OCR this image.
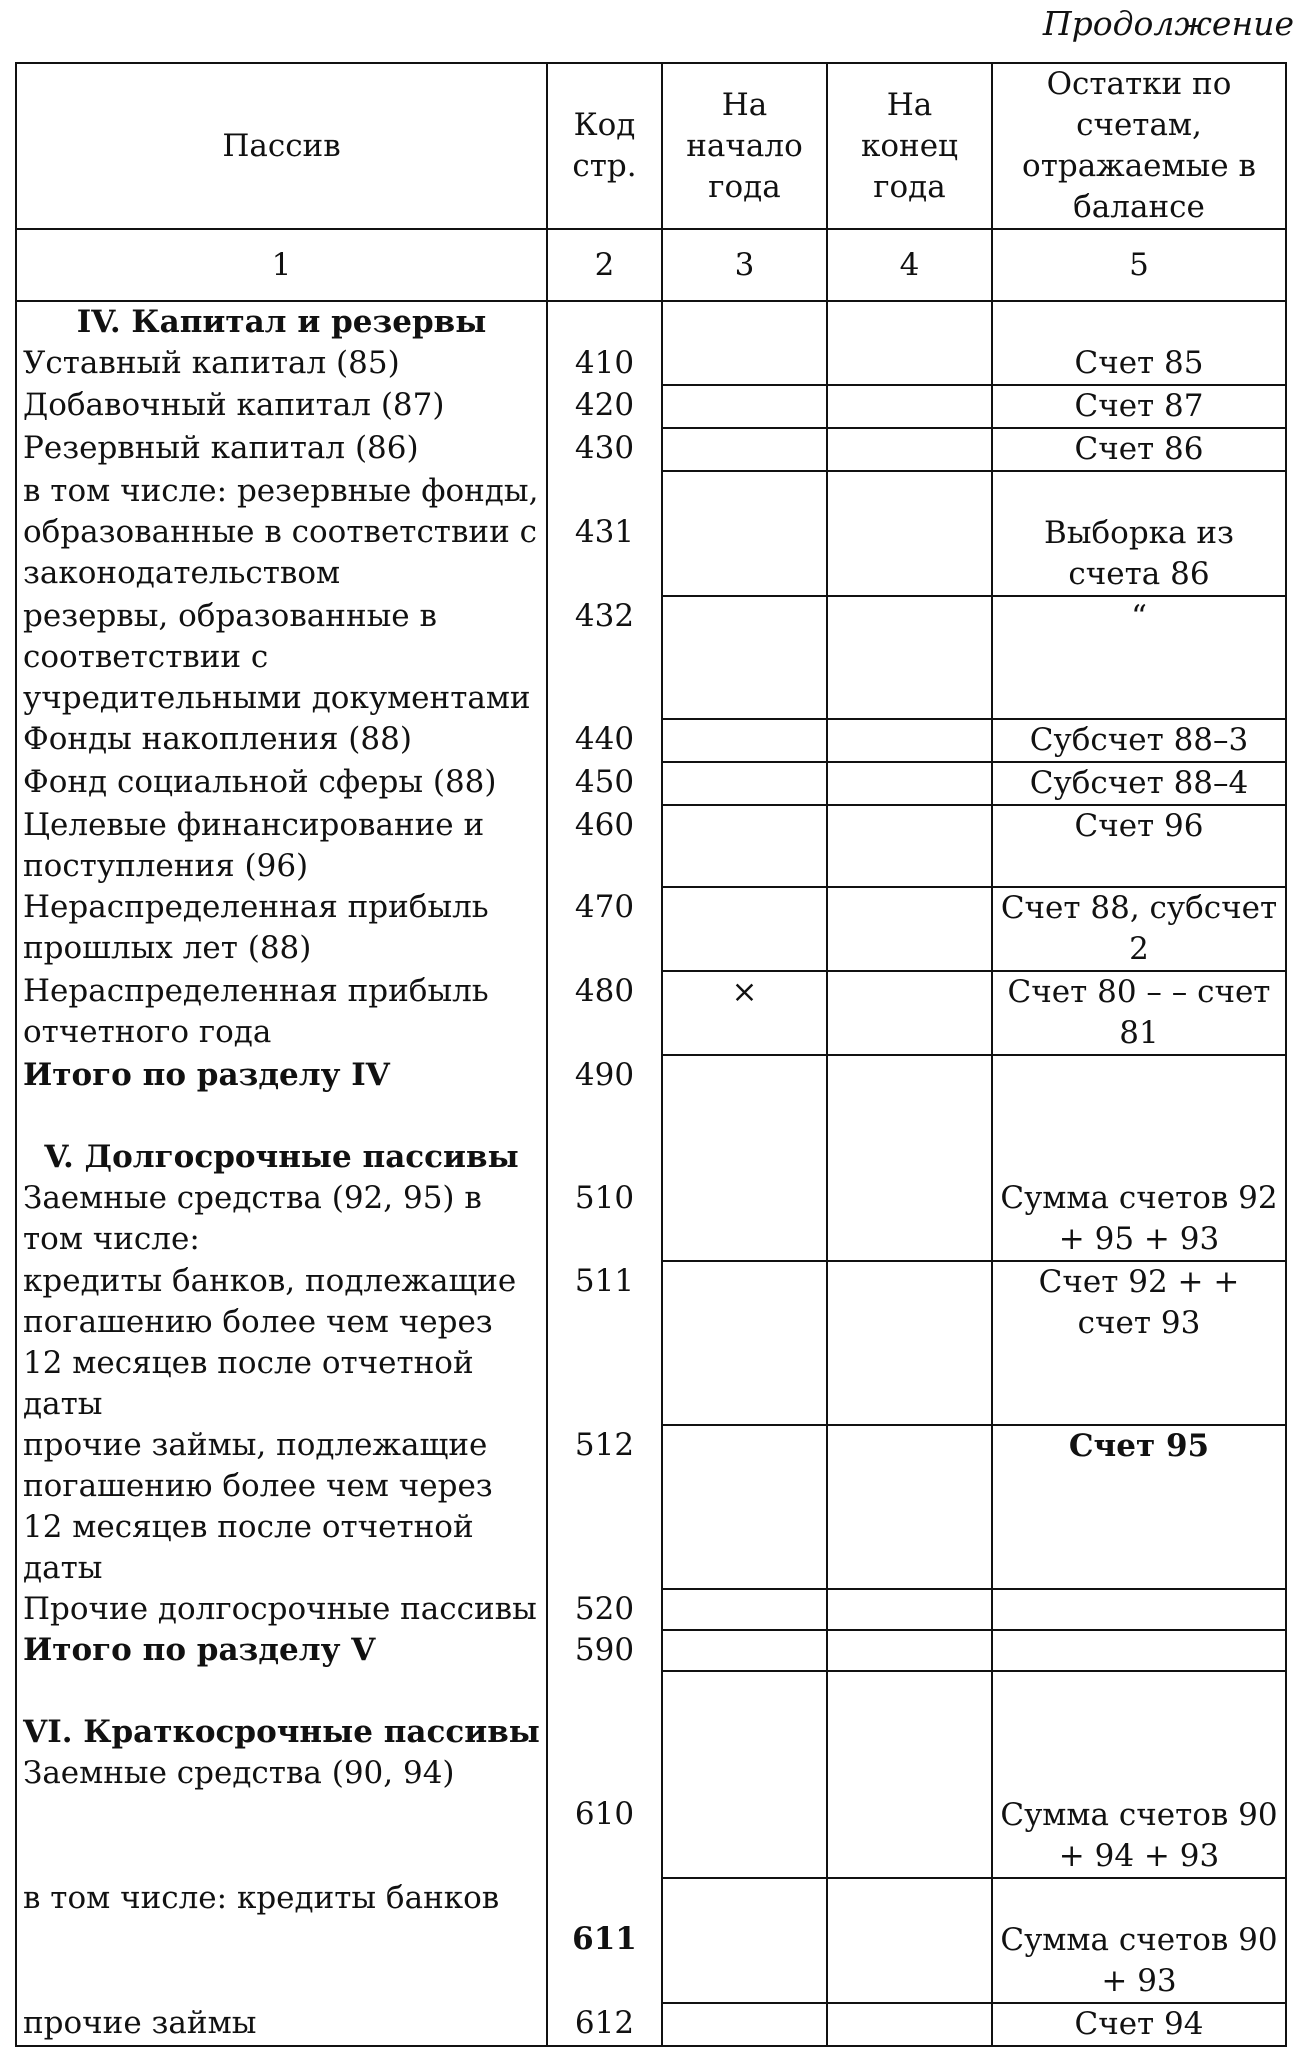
Продолжение
Пассив	Код стр.	На начало года	На конец года	Остатки по счетам, отражаемые в балансе
1	2	3	4	5

IV. Капитал и резервы
Уставный капитал (85)	410			Счет 85
Добавочный капитал (87)	420			Счет 87
Резервный капитал (86)	430			Счет 86
в том числе: резервные фонды, образованные в соответствии с законодательством	431			Выборка из счета 86
резервы, образованные в соответствии с учредительными документами	432			“
Фонды накопления (88)	440			Субсчет 88–3
Фонд социальной сферы (88)	450			Субсчет 88–4
Целевые финансирование и поступления (96)	460			Счет 96
Нераспределенная прибыль прошлых лет (88)	470			Счет 88, субсчет 2
Нераспределенная прибыль отчетного года	480	×		Счет 80 – – счет 81
Итого по разделу IV	490			

V. Долгосрочные пассивы
Заемные средства (92, 95) в том числе:	510			Сумма счетов 92 + 95 + 93
кредиты банков, подлежащие погашению более чем через 12 месяцев после отчетной даты	511			Счет 92 + + счет 93
прочие займы, подлежащие погашению более чем через 12 месяцев после отчетной даты	512			Счет 95
Прочие долгосрочные пассивы	520			
Итого по разделу V	590			

VI. Краткосрочные пассивы
Заемные средства (90, 94)	610			Сумма счетов 90 + 94 + 93
в том числе: кредиты банков	611			Сумма счетов 90 + 93
прочие займы	612			Счет 94
